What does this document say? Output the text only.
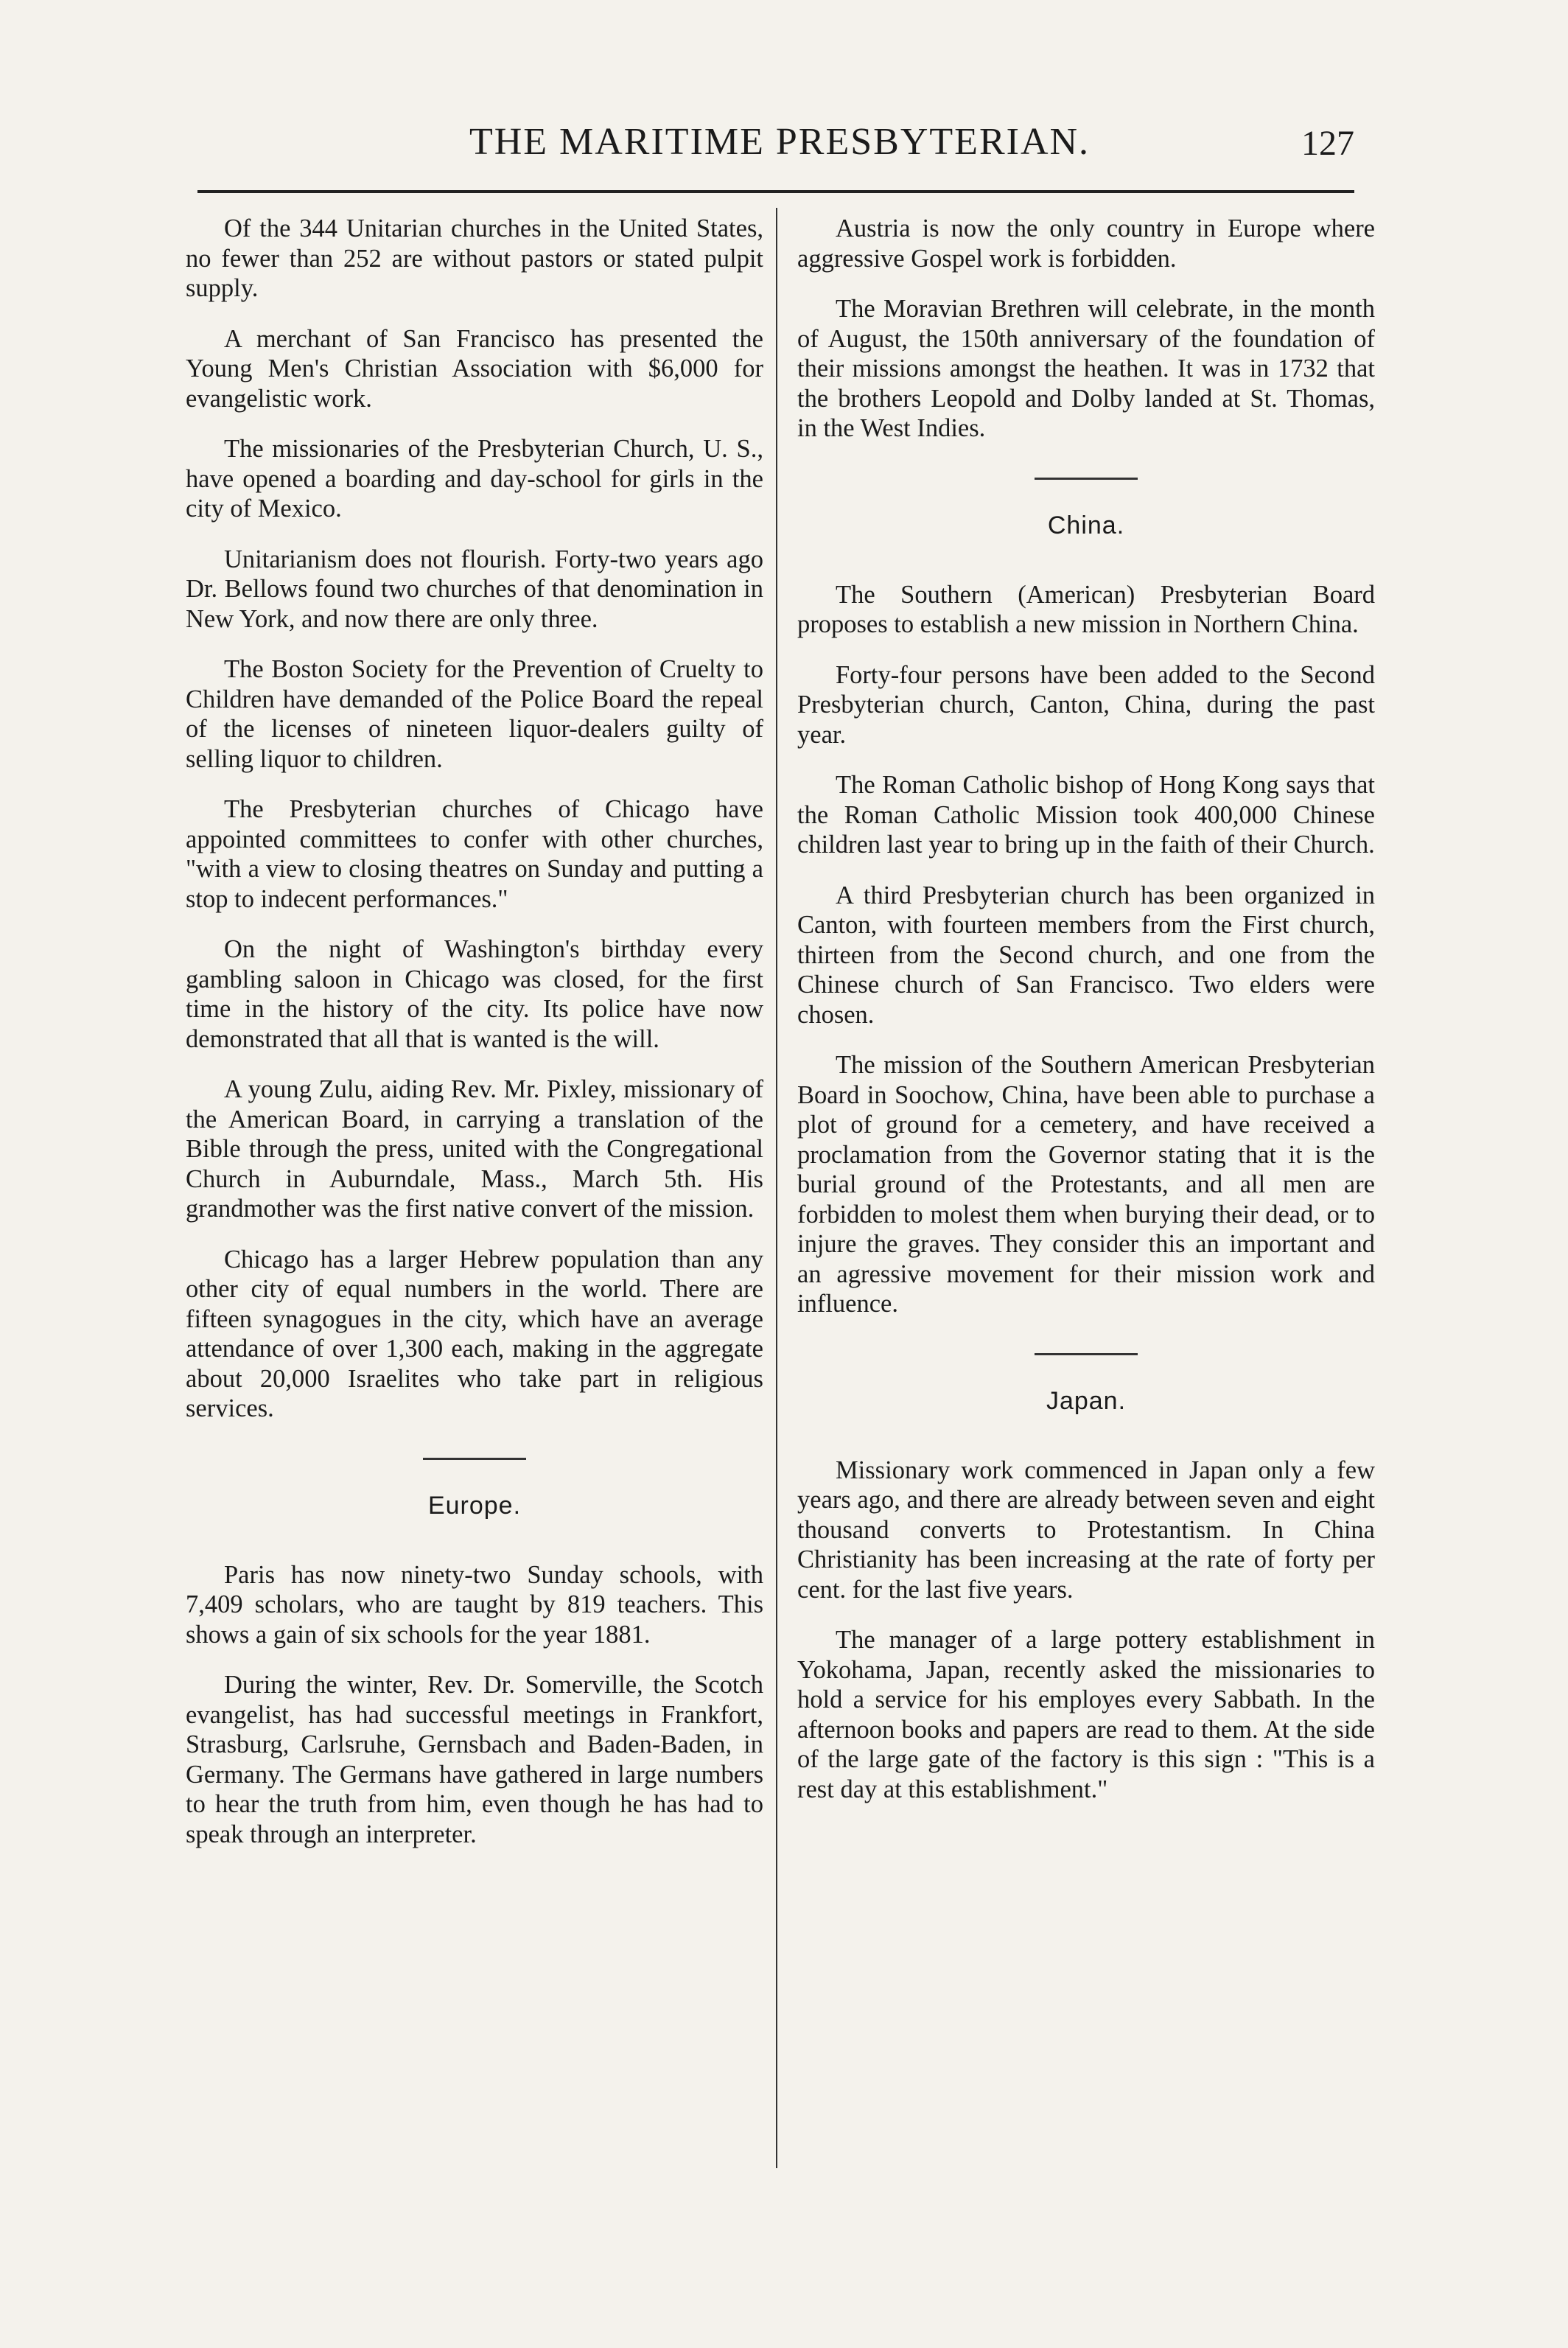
THE MARITIME PRESBYTERIAN.	127

Of the 344 Unitarian churches in the United States, no fewer than 252 are without pastors or stated pulpit supply.

A merchant of San Francisco has presented the Young Men's Christian Association with $6,000 for evangelistic work.

The missionaries of the Presbyterian Church, U. S., have opened a boarding and day-school for girls in the city of Mexico.

Unitarianism does not flourish. Forty-two years ago Dr. Bellows found two churches of that denomination in New York, and now there are only three.

The Boston Society for the Prevention of Cruelty to Children have demanded of the Police Board the repeal of the licenses of nineteen liquor-dealers guilty of selling liquor to children.

The Presbyterian churches of Chicago have appointed committees to confer with other churches, "with a view to closing theatres on Sunday and putting a stop to indecent performances."

On the night of Washington's birthday every gambling saloon in Chicago was closed, for the first time in the history of the city. Its police have now demonstrated that all that is wanted is the will.

A young Zulu, aiding Rev. Mr. Pixley, missionary of the American Board, in carrying a translation of the Bible through the press, united with the Congregational Church in Auburndale, Mass., March 5th. His grandmother was the first native convert of the mission.

Chicago has a larger Hebrew population than any other city of equal numbers in the world. There are fifteen synagogues in the city, which have an average attendance of over 1,300 each, making in the aggregate about 20,000 Israelites who take part in religious services.

Europe.

Paris has now ninety-two Sunday schools, with 7,409 scholars, who are taught by 819 teachers. This shows a gain of six schools for the year 1881.

During the winter, Rev. Dr. Somerville, the Scotch evangelist, has had successful meetings in Frankfort, Strasburg, Carlsruhe, Gernsbach and Baden-Baden, in Germany. The Germans have gathered in large numbers to hear the truth from him, even though he has had to speak through an interpreter.

Austria is now the only country in Europe where aggressive Gospel work is forbidden.

The Moravian Brethren will celebrate, in the month of August, the 150th anniversary of the foundation of their missions amongst the heathen. It was in 1732 that the brothers Leopold and Dolby landed at St. Thomas, in the West Indies.

China.

The Southern (American) Presbyterian Board proposes to establish a new mission in Northern China.

Forty-four persons have been added to the Second Presbyterian church, Canton, China, during the past year.

The Roman Catholic bishop of Hong Kong says that the Roman Catholic Mission took 400,000 Chinese children last year to bring up in the faith of their Church.

A third Presbyterian church has been organized in Canton, with fourteen members from the First church, thirteen from the Second church, and one from the Chinese church of San Francisco. Two elders were chosen.

The mission of the Southern American Presbyterian Board in Soochow, China, have been able to purchase a plot of ground for a cemetery, and have received a proclamation from the Governor stating that it is the burial ground of the Protestants, and all men are forbidden to molest them when burying their dead, or to injure the graves. They consider this an important and an agressive movement for their mission work and influence.

Japan.

Missionary work commenced in Japan only a few years ago, and there are already between seven and eight thousand converts to Protestantism. In China Christianity has been increasing at the rate of forty per cent. for the last five years.

The manager of a large pottery establishment in Yokohama, Japan, recently asked the missionaries to hold a service for his employes every Sabbath. In the afternoon books and papers are read to them. At the side of the large gate of the factory is this sign : "This is a rest day at this establishment."
